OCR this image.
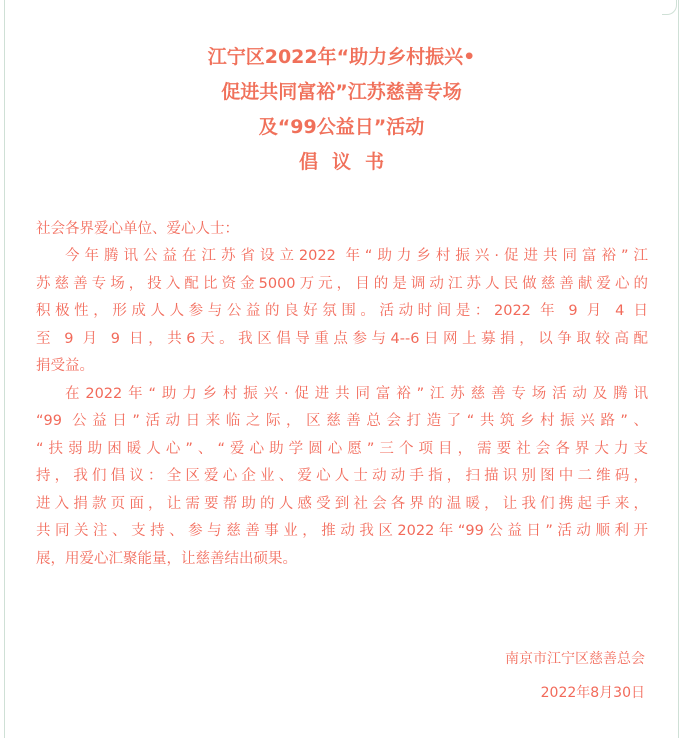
江宁区2022年“助力乡村振兴•
促进共同富裕”江苏慈善专场
及“99公益日”活动
倡议书
社会各界爱心单位、爱心人士：
今年腾讯公益在江苏省设立2022 年“助力乡村振兴·促进共同富裕”江
苏慈善专场，投入配比资金5000万元，目的是调动江苏人民做慈善献爱心的
积极性，形成人人参与公益的良好氛围。活动时间是：2022 年 9 月 4 日
至 9 月 9 日，共6天。我区倡导重点参与4--6日网上募捐，以争取较高配
捐受益。
在2022年“助力乡村振兴·促进共同富裕”江苏慈善专场活动及腾讯
“99 公益日”活动日来临之际，区慈善总会打造了“共筑乡村振兴路”、
“扶弱助困暖人心”、“爱心助学圆心愿”三个项目，需要社会各界大力支
持，我们倡议：全区爱心企业、爱心人士动动手指，扫描识别图中二维码，
进入捐款页面，让需要帮助的人感受到社会各界的温暖，让我们携起手来，
共同关注、支持、参与慈善事业，推动我区2022年“99公益日”活动顺利开
展，用爱心汇聚能量，让慈善结出硕果。
南京市江宁区慈善总会
2022年8月30日
